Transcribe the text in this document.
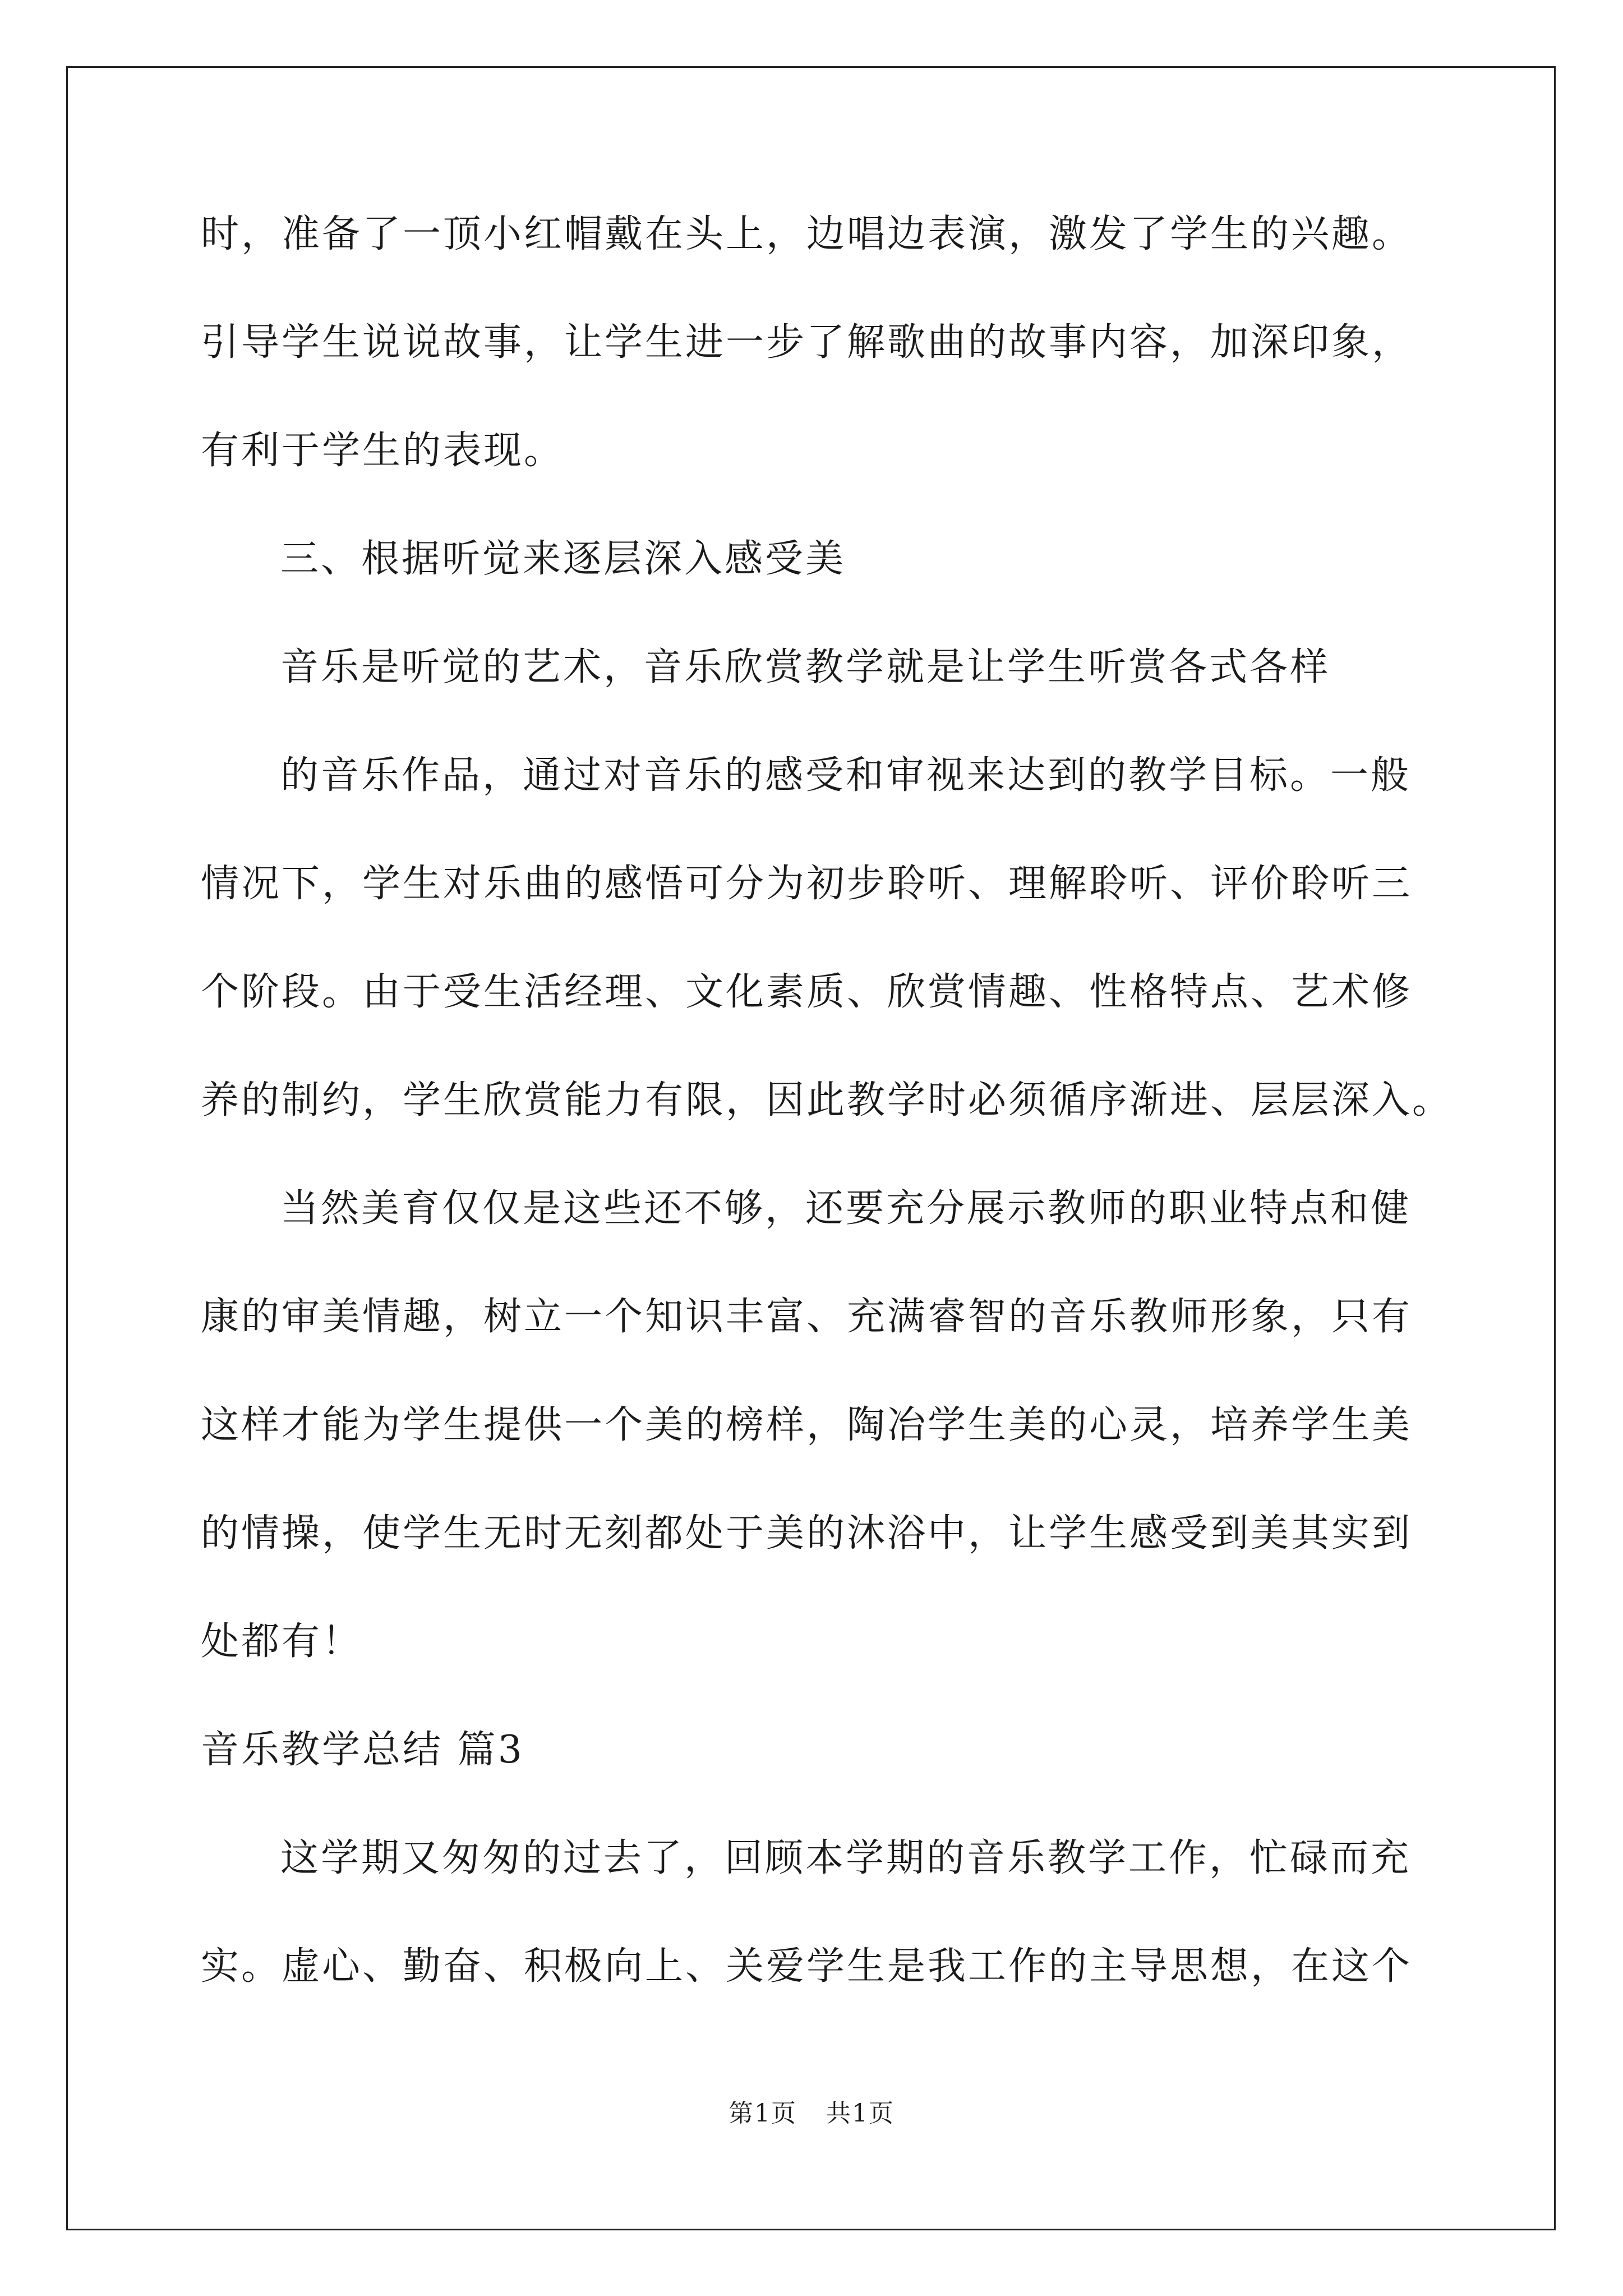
时，准备了一顶小红帽戴在头上，边唱边表演，激发了学生的兴趣。
引导学生说说故事，让学生进一步了解歌曲的故事内容，加深印象，
有利于学生的表现。
三、根据听觉来逐层深入感受美
音乐是听觉的艺术，音乐欣赏教学就是让学生听赏各式各样
的音乐作品，通过对音乐的感受和审视来达到的教学目标。一般
情况下，学生对乐曲的感悟可分为初步聆听、理解聆听、评价聆听三
个阶段。由于受生活经理、文化素质、欣赏情趣、性格特点、艺术修
养的制约，学生欣赏能力有限，因此教学时必须循序渐进、层层深入。
当然美育仅仅是这些还不够，还要充分展示教师的职业特点和健
康的审美情趣，树立一个知识丰富、充满睿智的音乐教师形象，只有
这样才能为学生提供一个美的榜样，陶冶学生美的心灵，培养学生美
的情操，使学生无时无刻都处于美的沐浴中，让学生感受到美其实到
处都有！
音乐教学总结 篇3
这学期又匆匆的过去了，回顾本学期的音乐教学工作，忙碌而充
实。虚心、勤奋、积极向上、关爱学生是我工作的主导思想，在这个
第1页 共1页
